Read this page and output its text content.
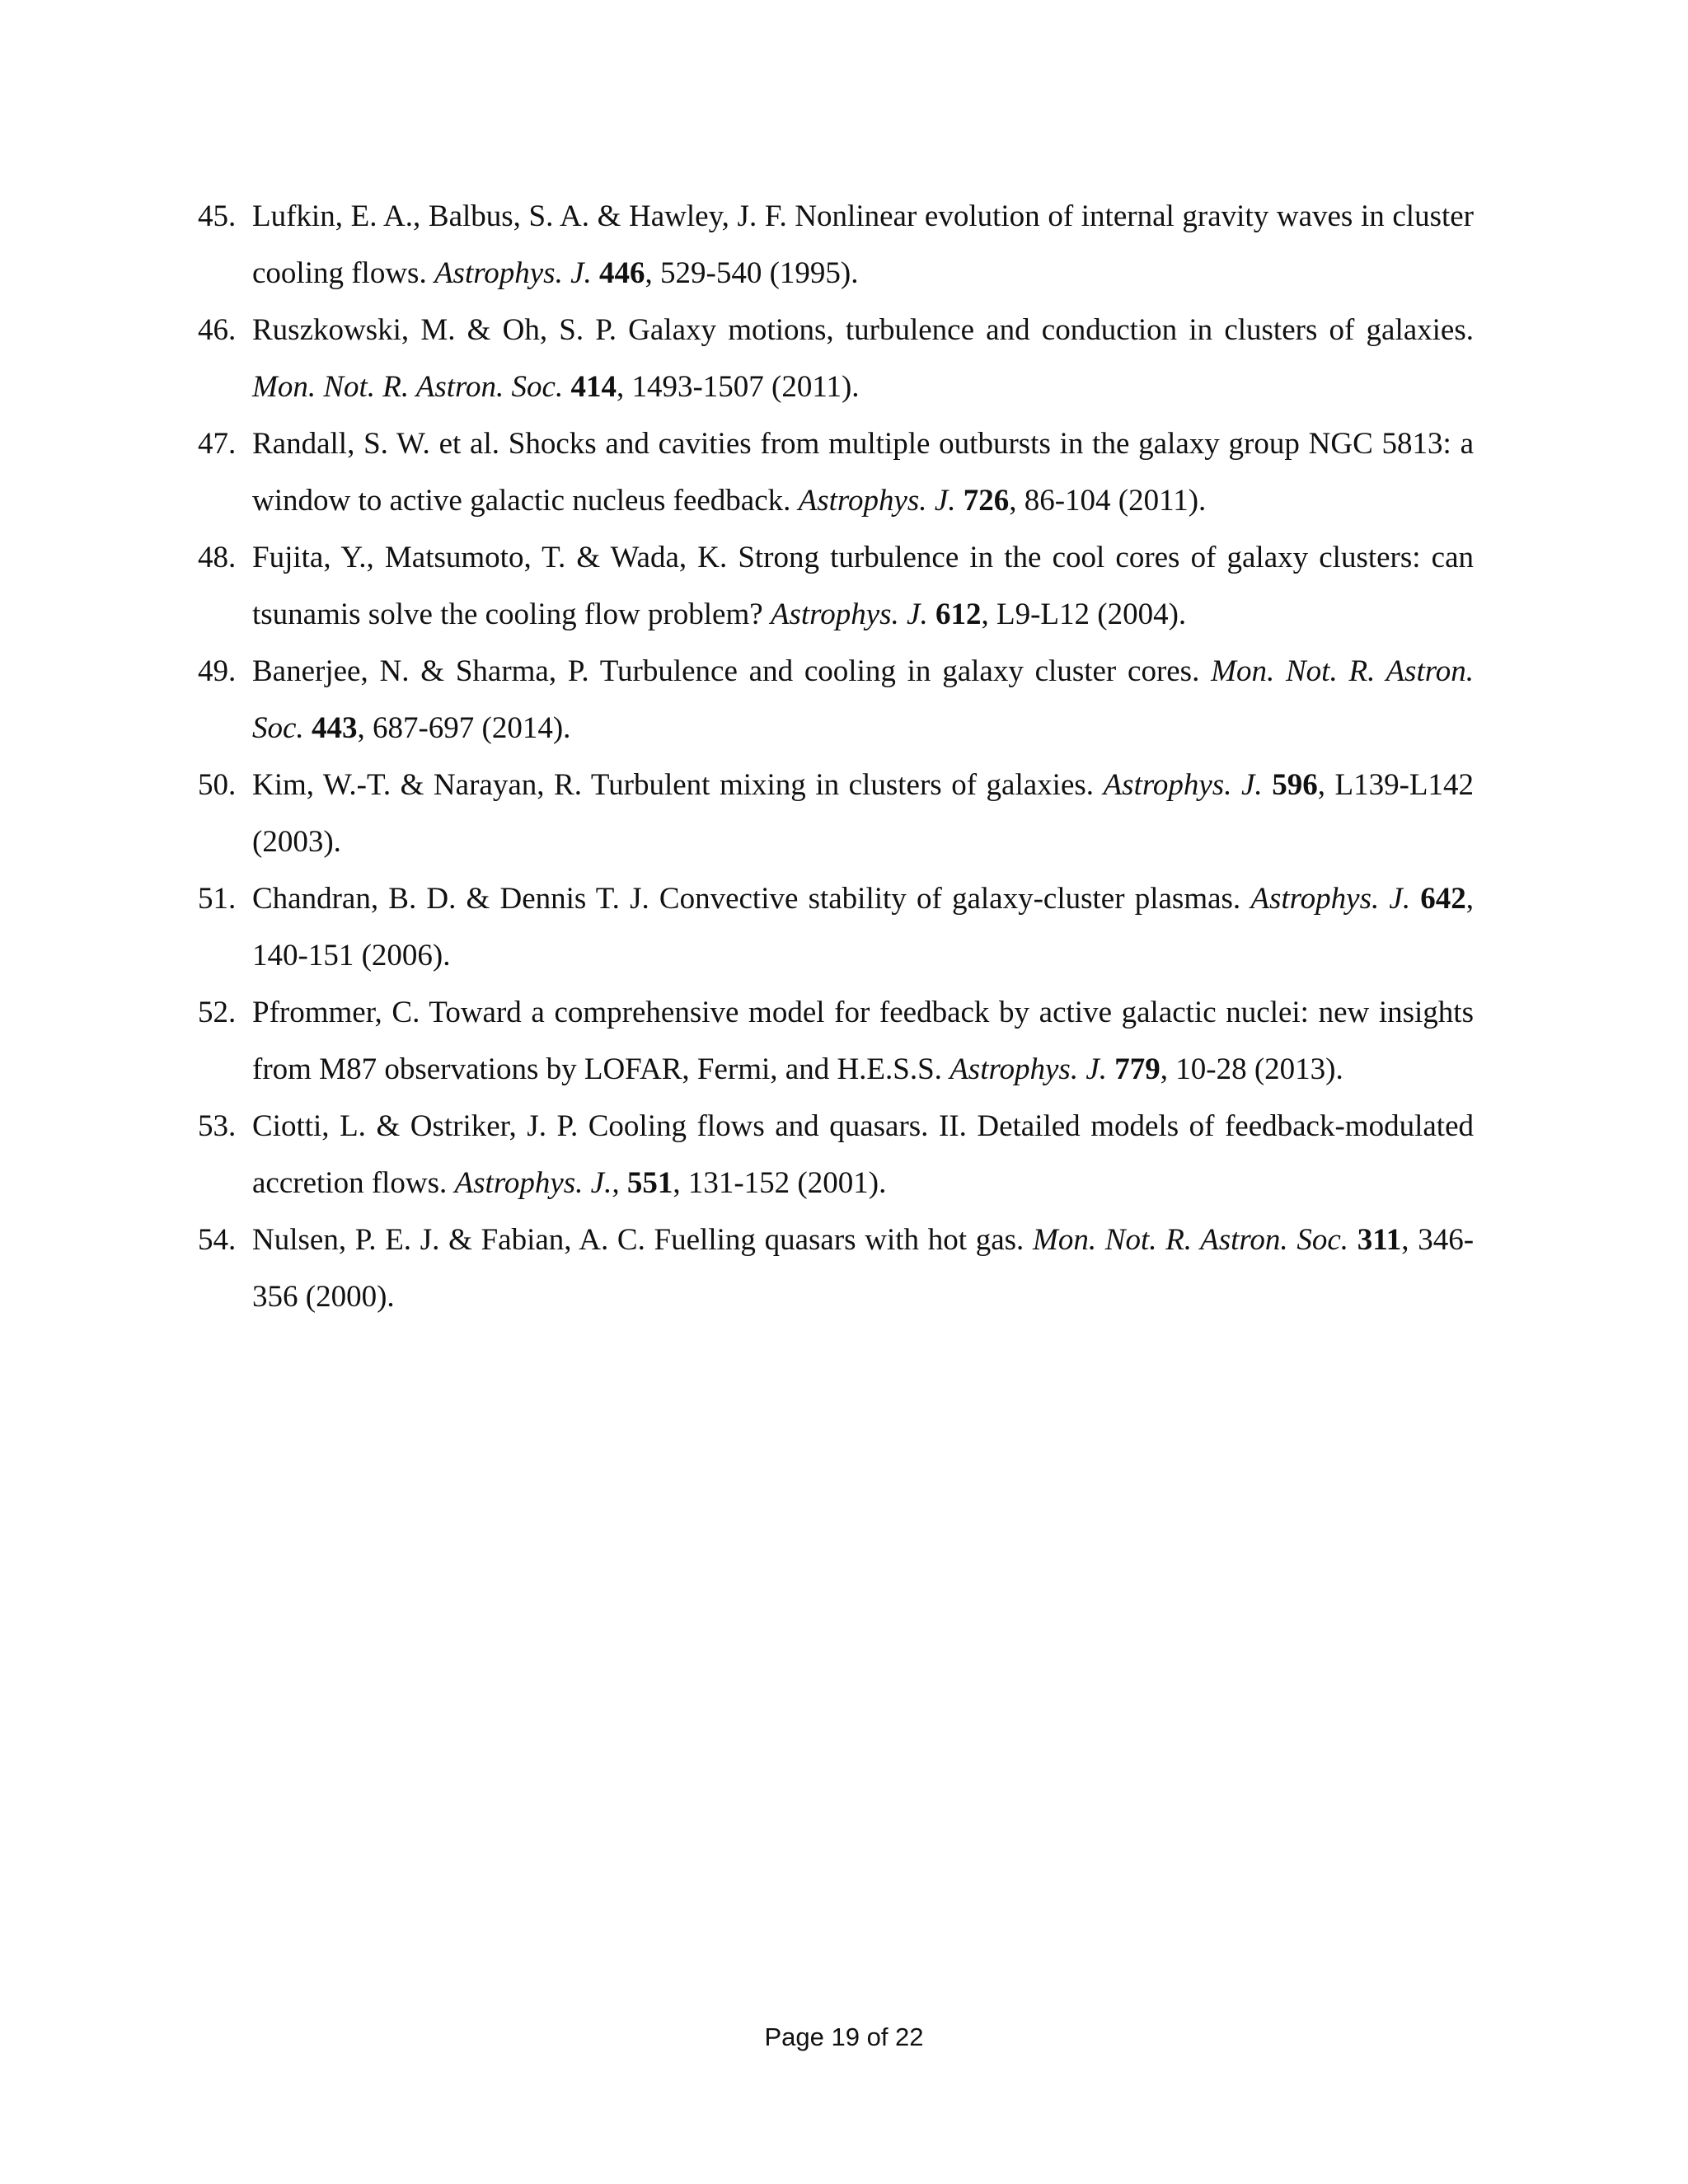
45. Lufkin, E. A., Balbus, S. A. & Hawley, J. F. Nonlinear evolution of internal gravity waves in cluster cooling flows. Astrophys. J. 446, 529-540 (1995).
46. Ruszkowski, M. & Oh, S. P. Galaxy motions, turbulence and conduction in clusters of galaxies. Mon. Not. R. Astron. Soc. 414, 1493-1507 (2011).
47. Randall, S. W. et al. Shocks and cavities from multiple outbursts in the galaxy group NGC 5813: a window to active galactic nucleus feedback. Astrophys. J. 726, 86-104 (2011).
48. Fujita, Y., Matsumoto, T. & Wada, K. Strong turbulence in the cool cores of galaxy clusters: can tsunamis solve the cooling flow problem? Astrophys. J. 612, L9-L12 (2004).
49. Banerjee, N. & Sharma, P. Turbulence and cooling in galaxy cluster cores. Mon. Not. R. Astron. Soc. 443, 687-697 (2014).
50. Kim, W.-T. & Narayan, R. Turbulent mixing in clusters of galaxies. Astrophys. J. 596, L139-L142 (2003).
51. Chandran, B. D. & Dennis T. J. Convective stability of galaxy-cluster plasmas. Astrophys. J. 642, 140-151 (2006).
52. Pfrommer, C. Toward a comprehensive model for feedback by active galactic nuclei: new insights from M87 observations by LOFAR, Fermi, and H.E.S.S. Astrophys. J. 779, 10-28 (2013).
53. Ciotti, L. & Ostriker, J. P. Cooling flows and quasars. II. Detailed models of feedback-modulated accretion flows. Astrophys. J., 551, 131-152 (2001).
54. Nulsen, P. E. J. & Fabian, A. C. Fuelling quasars with hot gas. Mon. Not. R. Astron. Soc. 311, 346-356 (2000).
Page 19 of 22
